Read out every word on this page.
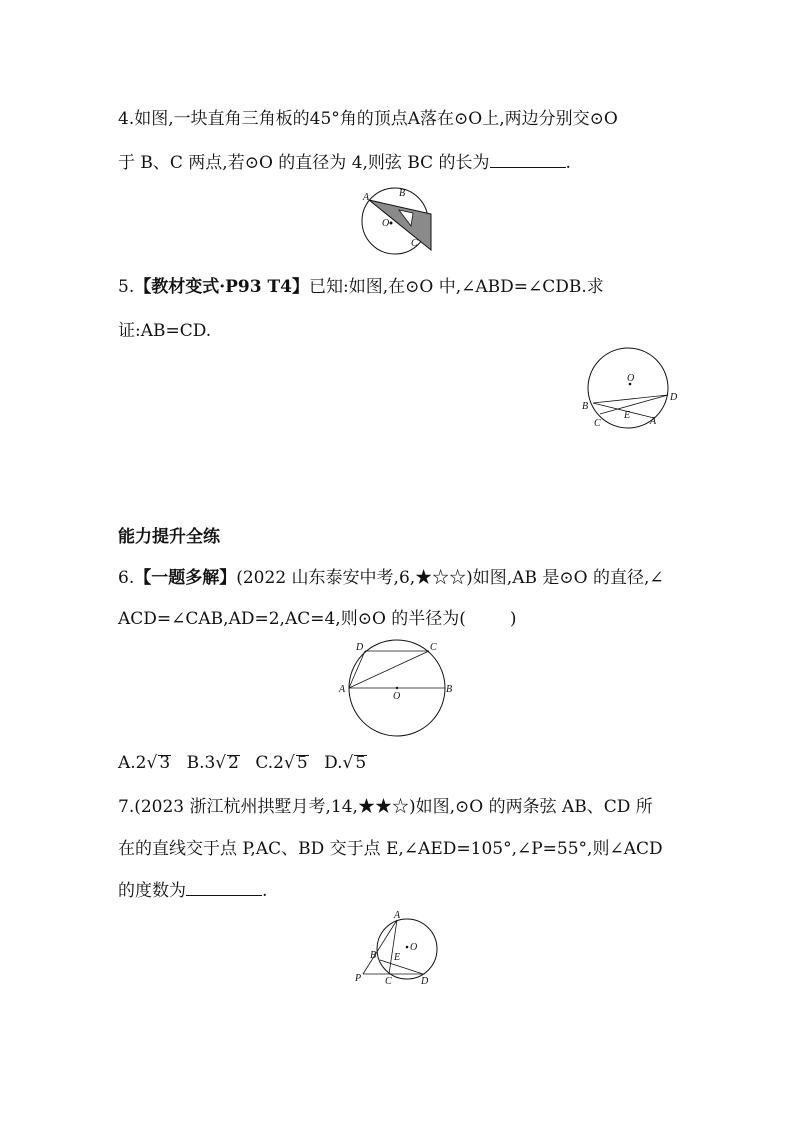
4.如图,一块直角三角板的45°角的顶点A落在⊙O上,两边分别交⊙O
于 B、C 两点,若⊙O 的直径为 4,则弦 BC 的长为	.
A	B
C
O
5.【教材变式·P93 T4】已知:如图,在⊙O 中,∠ABD=∠CDB.求
证:AB=CD.
O
B
D
C
E
A
能力提升全练
6.【一题多解】(2022 山东泰安中考,6,★☆☆)如图,AB 是⊙O 的直径,∠
ACD=∠CAB,AD=2,AC=4,则⊙O 的半径为(	)
D	C
A
O
B
A.2√ 3 B.3√ 2 C.2√ 5 D.√ 5
7.(2023 浙江杭州拱墅月考,14,★★☆)如图,⊙O 的两条弦 AB、CD 所
在的直线交于点 P,AC、BD 交于点 E,∠AED=105°,∠P=55°,则∠ACD
的度数为	.
A
O
B E
P C	D
